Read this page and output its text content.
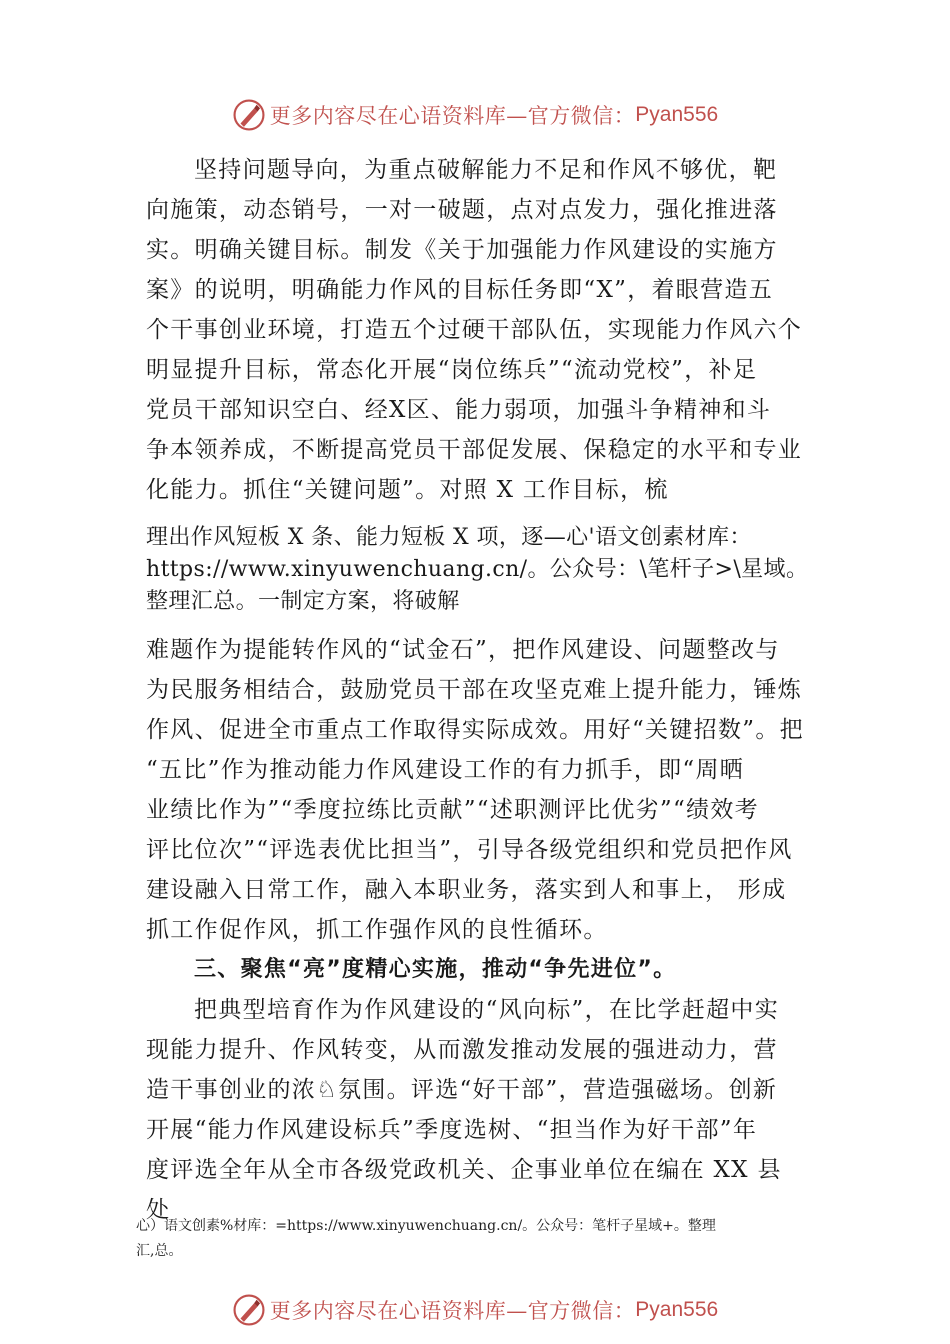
更多内容尽在心语资料库—官方微信： Pyan556
坚持问题导向，为重点破解能力不足和作风不够优，靶
向施策，动态销号，一对一破题，点对点发力，强化推进落
实。明确关键目标。制发《关于加强能力作风建设的实施方
案》的说明，明确能力作风的目标任务即“X”，着眼营造五
个干事创业环境，打造五个过硬干部队伍，实现能力作风六个
明显提升目标，常态化开展“岗位练兵”“流动党校”，补足
党员干部知识空白、经X区、能力弱项，加强斗争精神和斗
争本领养成，不断提高党员干部促发展、保稳定的水平和专业
化能力。抓住“关键问题”。对照 X 工作目标，梳
理出作风短板 X 条、能力短板 X 项，逐—心'语文创素材库：
https://www.xinyuwenchuang.cn/。公众号：\笔杆子>\星域。
整理汇总。一制定方案，将破解
难题作为提能转作风的“试金石”，把作风建设、问题整改与
为民服务相结合，鼓励党员干部在攻坚克难上提升能力，锤炼
作风、促进全市重点工作取得实际成效。用好“关键招数”。把
“五比”作为推动能力作风建设工作的有力抓手，即“周晒
业绩比作为”“季度拉练比贡献”“述职测评比优劣”“绩效考
评比位次”“评选表优比担当”，引导各级党组织和党员把作风
建设融入日常工作，融入本职业务，落实到人和事上， 形成
抓工作促作风，抓工作强作风的良性循环。
三、聚焦“亮”度精心实施，推动“争先进位”。
把典型培育作为作风建设的“风向标”，在比学赶超中实
现能力提升、作风转变，从而激发推动发展的强进动力，营
造干事创业的浓♘氛围。评选“好干部”，营造强磁场。创新
开展“能力作风建设标兵”季度选树、“担当作为好干部”年
度评选全年从全市各级党政机关、企事业单位在编在 XX 县
处
心）语文创素%材库：=https://www.xinyuwenchuang.cn/。公众号：笔杆子星域+。整理
汇,总。
更多内容尽在心语资料库—官方微信： Pyan556
